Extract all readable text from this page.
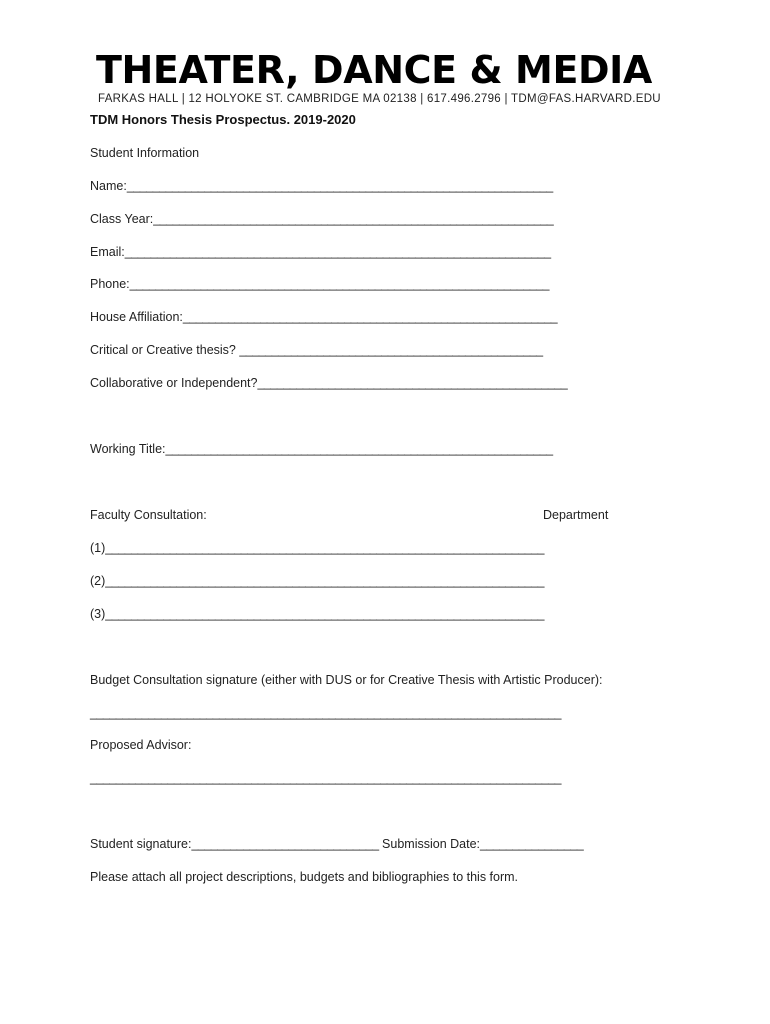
THEATER, DANCE & MEDIA
FARKAS HALL | 12 HOLYOKE ST. CAMBRIDGE MA 02138 | 617.496.2796 | TDM@FAS.HARVARD.EDU
TDM Honors Thesis Prospectus. 2019-2020
Student Information
Name:__________________________________________________________________
Class Year:______________________________________________________________
Email:__________________________________________________________________
Phone:_________________________________________________________________
House Affiliation:__________________________________________________________
Critical or Creative thesis? _______________________________________________
Collaborative or Independent?________________________________________________
Working Title:____________________________________________________________
Faculty Consultation:	Department
(1)____________________________________________________________________
(2)____________________________________________________________________
(3)____________________________________________________________________
Budget Consultation signature (either with DUS or for Creative Thesis with Artistic Producer):
_________________________________________________________________________
Proposed Advisor:
_________________________________________________________________________
Student signature:_____________________________ Submission Date:________________
Please attach all project descriptions, budgets and bibliographies to this form.
